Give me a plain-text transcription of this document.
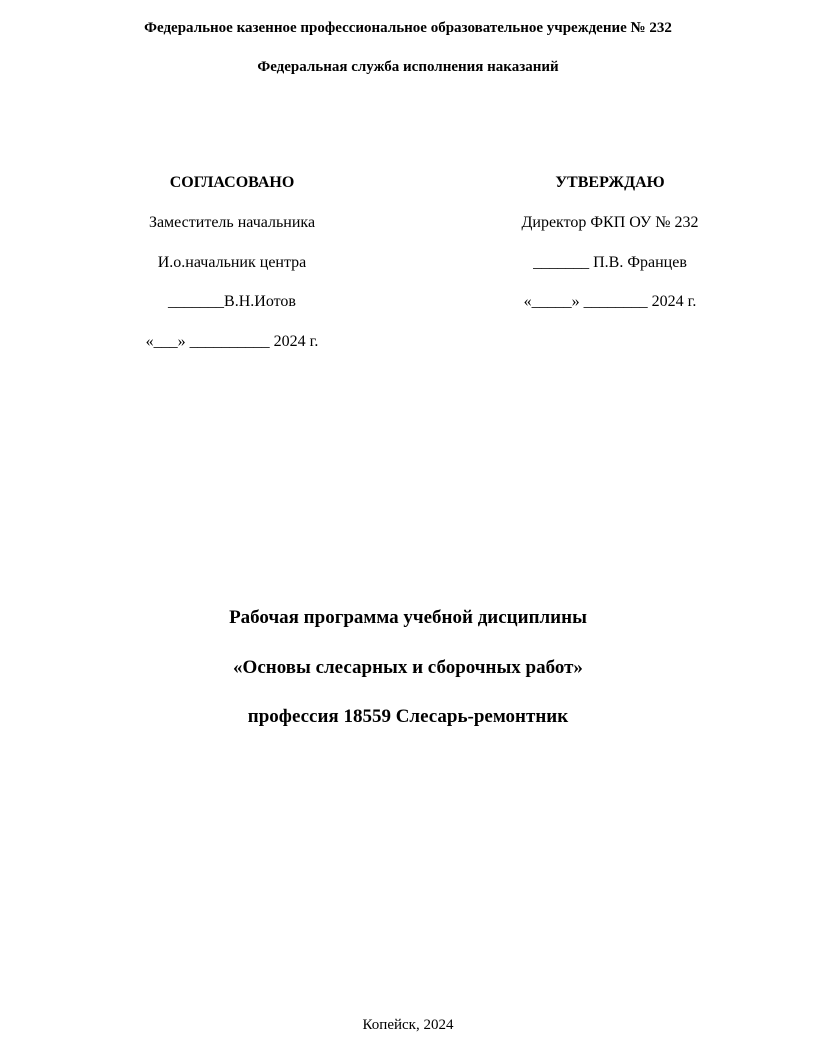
Федеральное казенное профессиональное образовательное учреждение № 232
Федеральная служба исполнения наказаний
СОГЛАСОВАНО
Заместитель начальника
И.о.начальник центра
_______В.Н.Иотов
«___» __________ 2024 г.
УТВЕРЖДАЮ
Директор ФКП ОУ № 232
_______ П.В. Францев
«_____» ________ 2024 г.
Рабочая программа учебной дисциплины
«Основы слесарных и сборочных работ»
профессия 18559 Слесарь-ремонтник
Копейск, 2024
